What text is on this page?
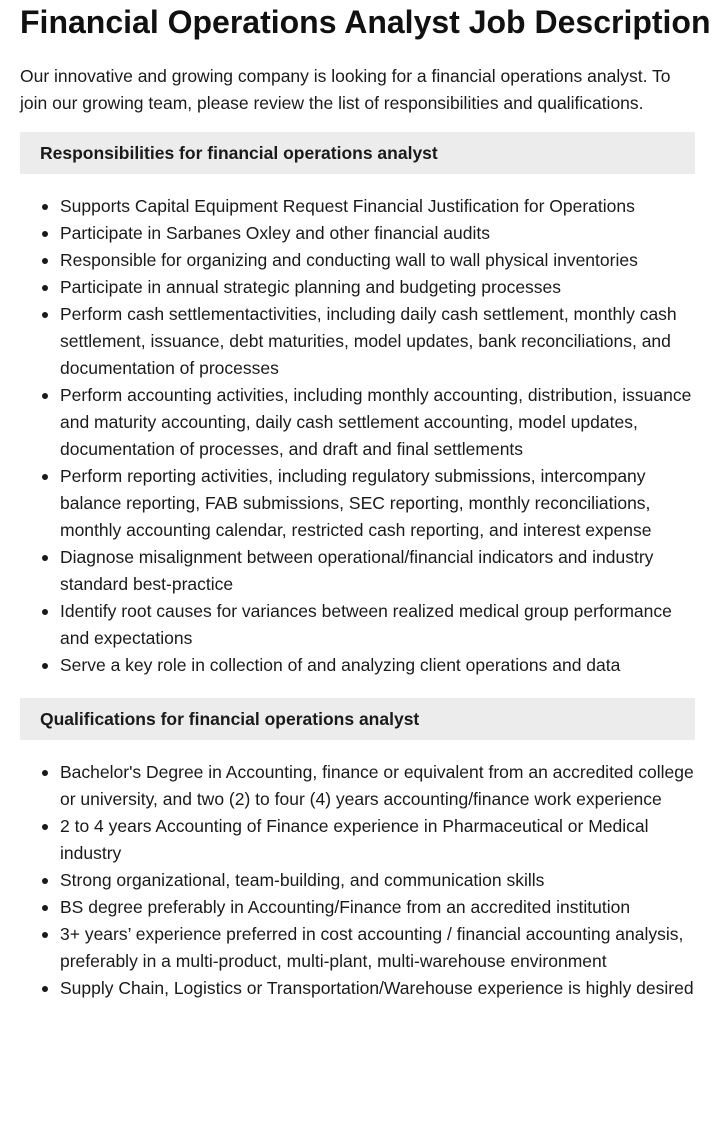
Financial Operations Analyst Job Description

Our innovative and growing company is looking for a financial operations analyst. To join our growing team, please review the list of responsibilities and qualifications.

Responsibilities for financial operations analyst
Supports Capital Equipment Request Financial Justification for Operations
Participate in Sarbanes Oxley and other financial audits
Responsible for organizing and conducting wall to wall physical inventories
Participate in annual strategic planning and budgeting processes
Perform cash settlementactivities, including daily cash settlement, monthly cash settlement, issuance, debt maturities, model updates, bank reconciliations, and documentation of processes
Perform accounting activities, including monthly accounting, distribution, issuance and maturity accounting, daily cash settlement accounting, model updates, documentation of processes, and draft and final settlements
Perform reporting activities, including regulatory submissions, intercompany balance reporting, FAB submissions, SEC reporting, monthly reconciliations, monthly accounting calendar, restricted cash reporting, and interest expense
Diagnose misalignment between operational/financial indicators and industry standard best-practice
Identify root causes for variances between realized medical group performance and expectations
Serve a key role in collection of and analyzing client operations and data
Qualifications for financial operations analyst
Bachelor's Degree in Accounting, finance or equivalent from an accredited college or university, and two (2) to four (4) years accounting/finance work experience
2 to 4 years Accounting of Finance experience in Pharmaceutical or Medical industry
Strong organizational, team-building, and communication skills
BS degree preferably in Accounting/Finance from an accredited institution
3+ years’ experience preferred in cost accounting / financial accounting analysis, preferably in a multi-product, multi-plant, multi-warehouse environment
Supply Chain, Logistics or Transportation/Warehouse experience is highly desired
